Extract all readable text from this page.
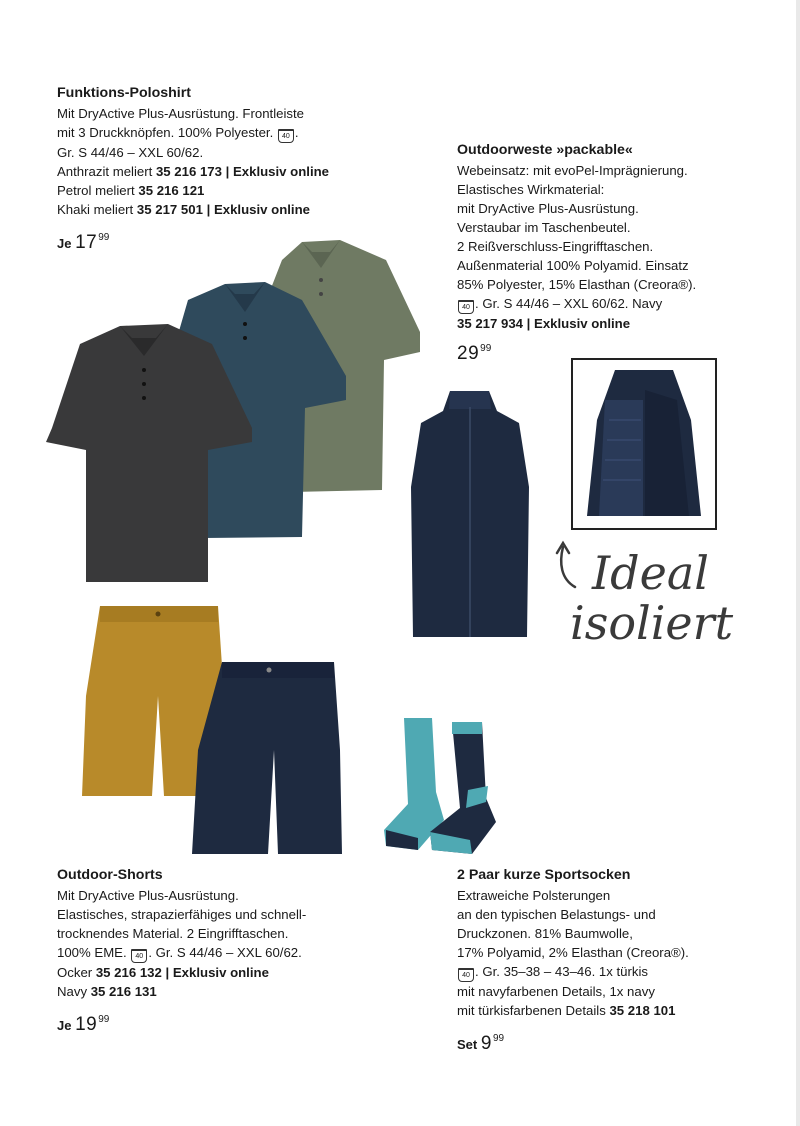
Funktions-Poloshirt
Mit DryActive Plus-Ausrüstung. Frontleiste
mit 3 Druckknöpfen. 100% Polyester. 40 .
Gr. S 44/46 – XXL 60/62.
Anthrazit meliert 35 216 173 | Exklusiv online
Petrol meliert 35 216 121
Khaki meliert 35 217 501 | Exklusiv online
Je $17^{99}$
Outdoorweste »packable«
Webeinsatz: mit evoPel-Imprägnierung.
Elastisches Wirkmaterial:
mit DryActive Plus-Ausrüstung.
Verstaubar im Taschenbeutel.
2 Reißverschluss-Eingrifftaschen.
Außenmaterial 100% Polyamid. Einsatz
85% Polyester, 15% Elasthan (Creora®).
40 . Gr. S 44/46 – XXL 60/62. Navy
35 217 934 | Exklusiv online
$29^{99}$
Ideal
isoliert
Outdoor-Shorts
Mit DryActive Plus-Ausrüstung.
Elastisches, strapazierfähiges und schnell-
trocknendes Material. 2 Eingrifftaschen.
100% EME. 40 . Gr. S 44/46 – XXL 60/62.
Ocker 35 216 132 | Exklusiv online
Navy 35 216 131
Je $19^{99}$
2 Paar kurze Sportsocken
Extraweiche Polsterungen
an den typischen Belastungs- und
Druckzonen. 81% Baumwolle,
17% Polyamid, 2% Elasthan (Creora®).
40 . Gr. 35–38 – 43–46. 1x türkis
mit navyfarbenen Details, 1x navy
mit türkisfarbenen Details 35 218 101
Set $9^{99}$
